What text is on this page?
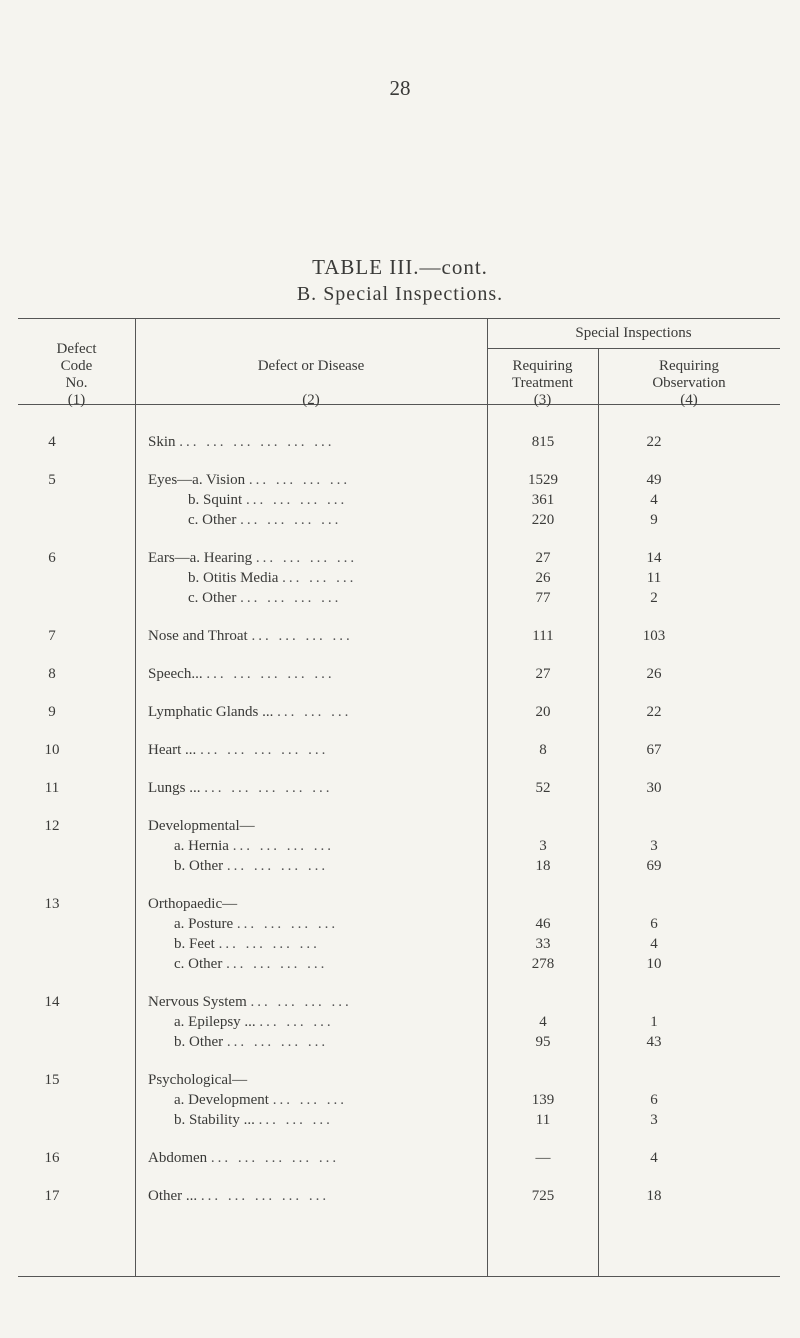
28
TABLE III.—cont.
B. Special Inspections.
Defect
Code
No.
(1)
Defect or Disease
(2)
Special Inspections
Requiring
Treatment
(3)
Requiring
Observation
(4)
4	Skin ... ... ... ... ... ...	815	22
5	Eyes—a. Vision ... ... ... ...	1529	49
b. Squint ... ... ... ...	361	4
c. Other ... ... ... ...	220	9
6	Ears—a. Hearing ... ... ... ...	27	14
b. Otitis Media ... ... ...	26	11
c. Other ... ... ... ...	77	2
7	Nose and Throat ... ... ... ...	111	103
8	Speech... ... ... ... ... ...	27	26
9	Lymphatic Glands ... ... ... ...	20	22
10	Heart ... ... ... ... ... ...	8	67
11	Lungs ... ... ... ... ... ...	52	30
12	Developmental—
a. Hernia ... ... ... ...	3	3
b. Other ... ... ... ...	18	69
13	Orthopaedic—
a. Posture ... ... ... ...	46	6
b. Feet ... ... ... ...	33	4
c. Other ... ... ... ...	278	10
14	Nervous System ... ... ... ...
a. Epilepsy ... ... ... ...	4	1
b. Other ... ... ... ...	95	43
15	Psychological—
a. Development ... ... ...	139	6
b. Stability ... ... ... ...	11	3
16	Abdomen ... ... ... ... ...	—	4
17	Other ... ... ... ... ... ...	725	18
